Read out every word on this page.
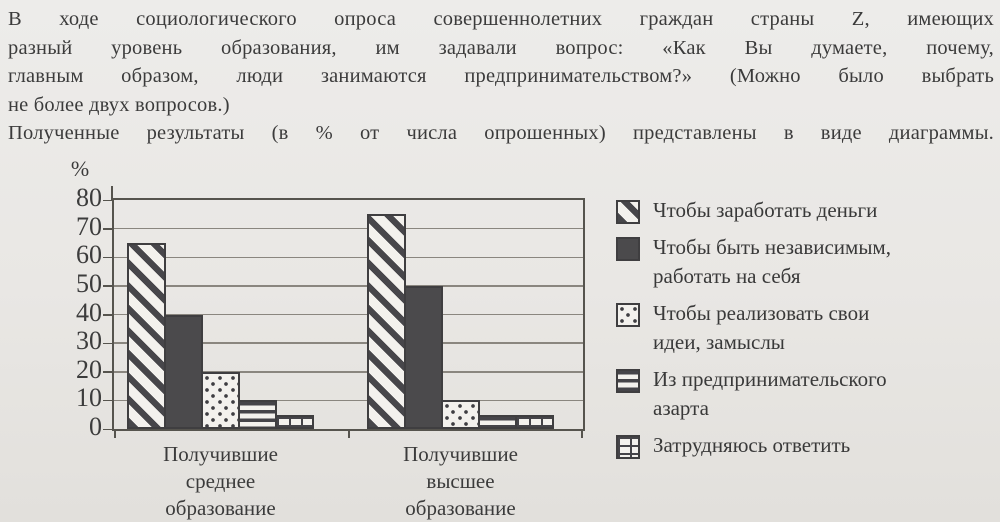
В ходе социологического опроса совершеннолетних граждан страны Z, имеющих
разный уровень образования, им задавали вопрос: «Как Вы думаете, почему,
главным образом, люди занимаются предпринимательством?» (Можно было выбрать
не более двух вопросов.)
Полученные результаты (в % от числа опрошенных) представлены в виде диаграммы.
%
0
10
20
30
40
50
60
70
80
Получившие
среднее
образование
Получившие
высшее
образование
Чтобы заработать деньги
Чтобы быть независимым, работать на себя
Чтобы реализовать свои идеи, замыслы
Из предпринимательского азарта
Затрудняюсь ответить
